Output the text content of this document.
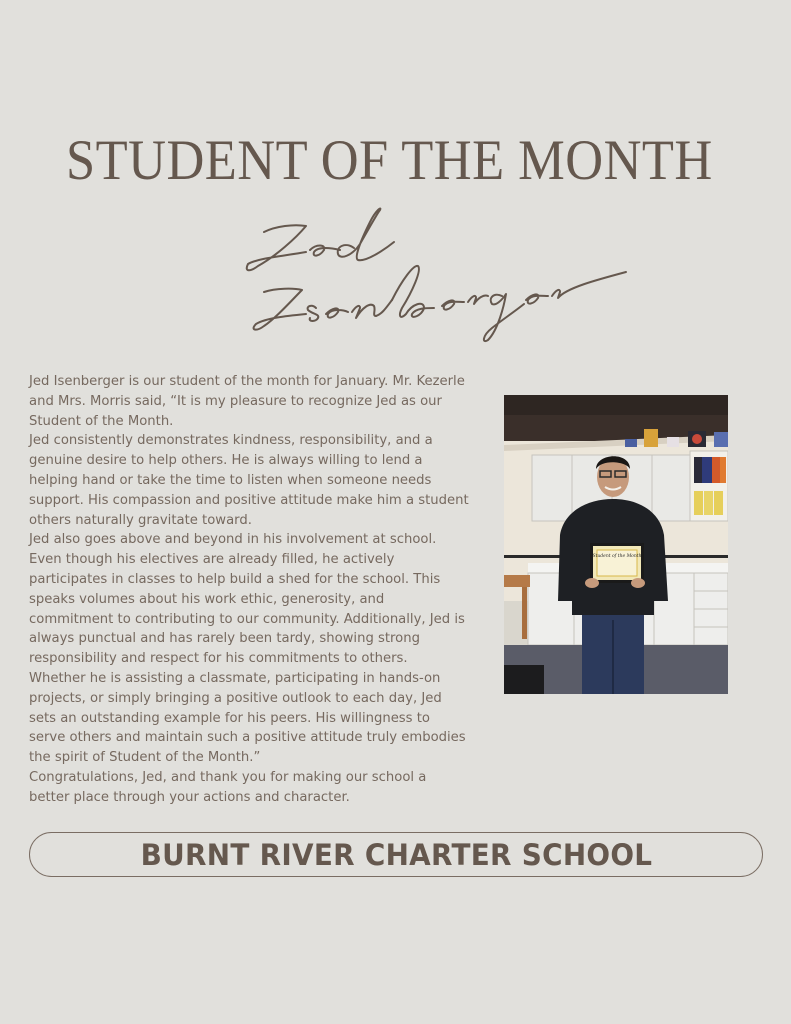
STUDENT OF THE MONTH

Jed Isenberger is our student of the month for January. Mr. Kezerle and Mrs. Morris said, “It is my pleasure to recognize Jed as our Student of the Month.

Jed consistently demonstrates kindness, responsibility, and a genuine desire to help others. He is always willing to lend a helping hand or take the time to listen when someone needs support. His compassion and positive attitude make him a student others naturally gravitate toward.

Jed also goes above and beyond in his involvement at school. Even though his electives are already filled, he actively participates in classes to help build a shed for the school. This speaks volumes about his work ethic, generosity, and commitment to contributing to our community. Additionally, Jed is always punctual and has rarely been tardy, showing strong responsibility and respect for his commitments to others.

Whether he is assisting a classmate, participating in hands-on projects, or simply bringing a positive outlook to each day, Jed sets an outstanding example for his peers. His willingness to serve others and maintain such a positive attitude truly embodies the spirit of Student of the Month.”

Congratulations, Jed, and thank you for making our school a better place through your actions and character.

Student of the Month
BURNT RIVER CHARTER SCHOOL
